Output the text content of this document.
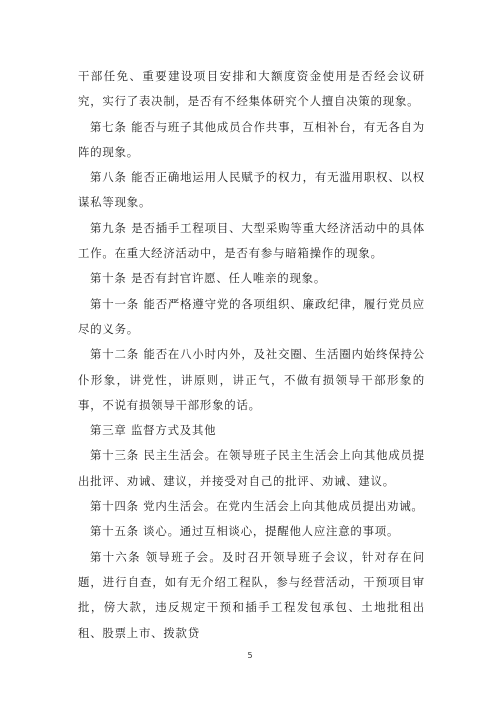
干部任免、重要建设项目安排和大额度资金使用是否经会议研究，实行了表决制，是否有不经集体研究个人擅自决策的现象。

第七条 能否与班子其他成员合作共事，互相补台，有无各自为阵的现象。

第八条 能否正确地运用人民赋予的权力，有无滥用职权、以权谋私等现象。

第九条 是否插手工程项目、大型采购等重大经济活动中的具体工作。在重大经济活动中，是否有参与暗箱操作的现象。

第十条 是否有封官许愿、任人唯亲的现象。

第十一条 能否严格遵守党的各项组织、廉政纪律，履行党员应尽的义务。

第十二条 能否在八小时内外，及社交圈、生活圈内始终保持公仆形象，讲党性，讲原则，讲正气，不做有损领导干部形象的事，不说有损领导干部形象的话。

第三章 监督方式及其他

第十三条 民主生活会。在领导班子民主生活会上向其他成员提出批评、劝诫、建议，并接受对自己的批评、劝诫、建议。

第十四条 党内生活会。在党内生活会上向其他成员提出劝诫。

第十五条 谈心。通过互相谈心，提醒他人应注意的事项。

第十六条 领导班子会。及时召开领导班子会议，针对存在问题，进行自查，如有无介绍工程队，参与经营活动，干预项目审批，傍大款，违反规定干预和插手工程发包承包、土地批租出租、股票上市、拨款贷

5
